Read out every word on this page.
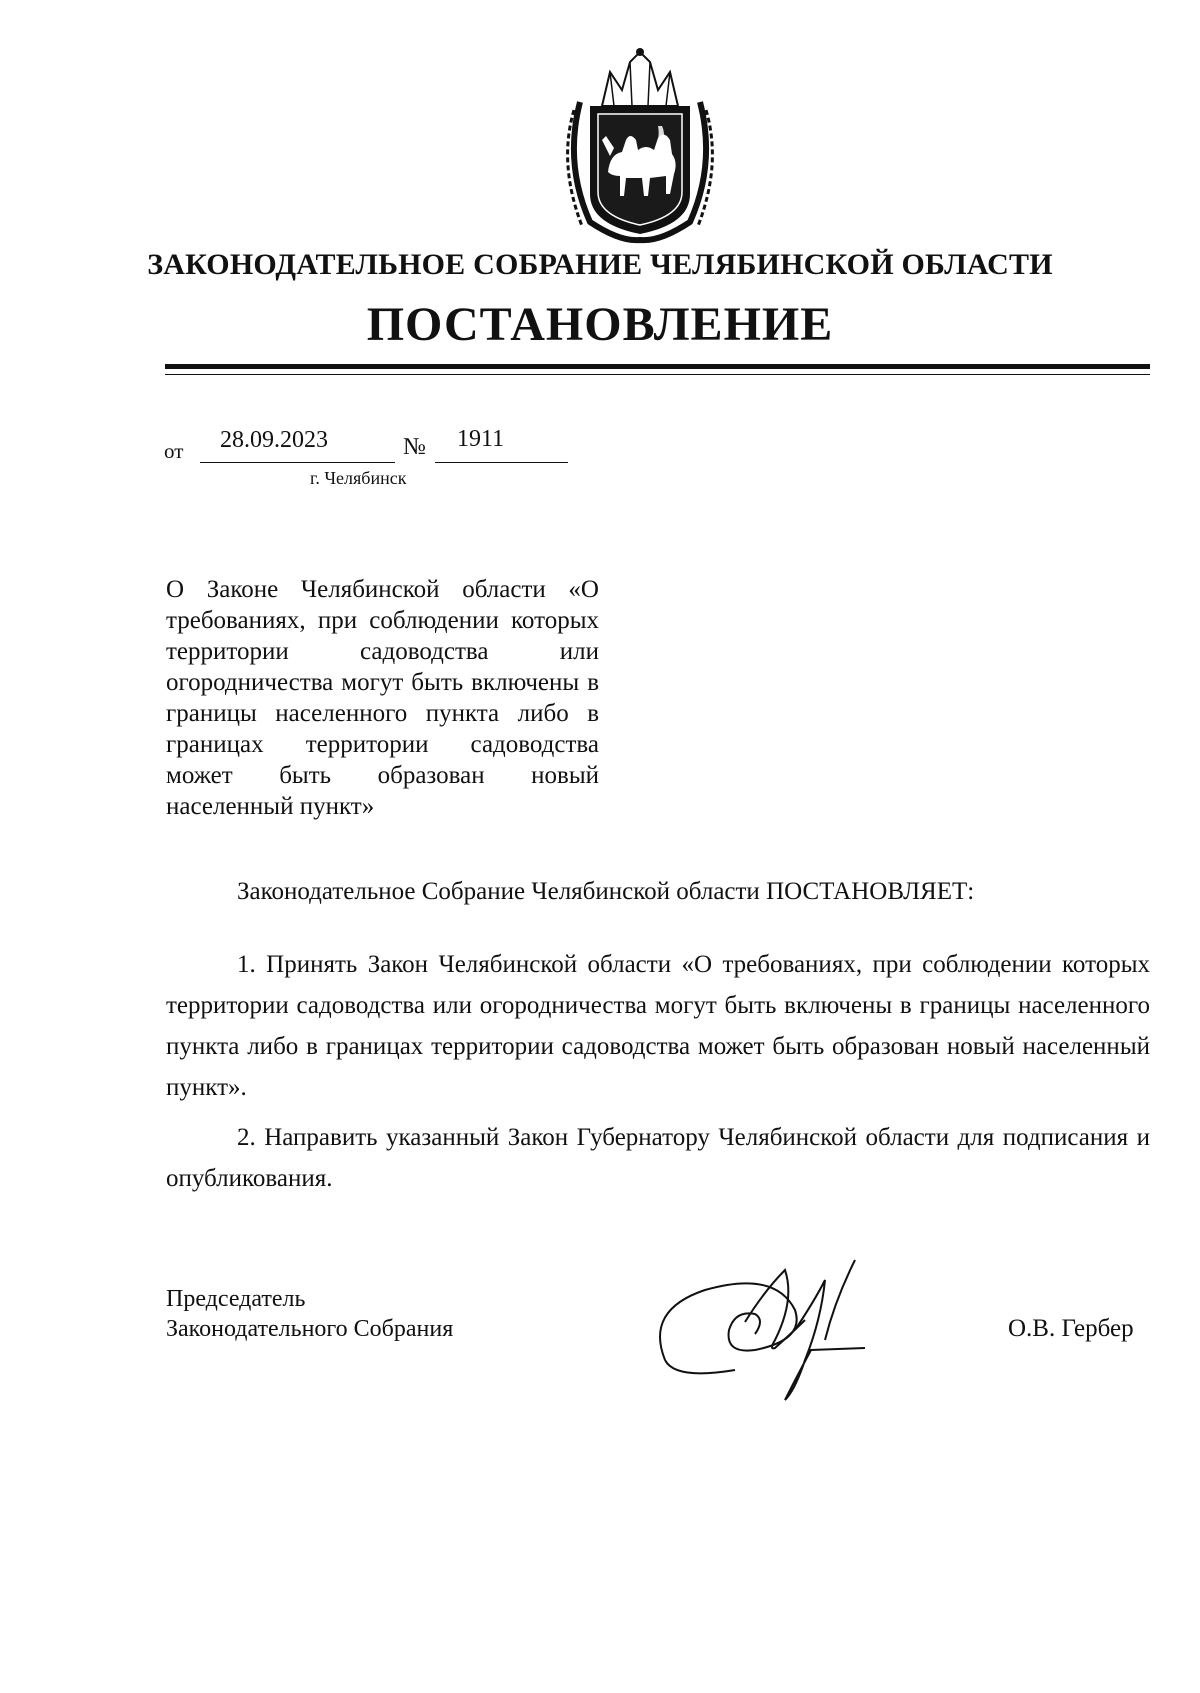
ЗАКОНОДАТЕЛЬНОЕ СОБРАНИЕ ЧЕЛЯБИНСКОЙ ОБЛАСТИ
ПОСТАНОВЛЕНИЕ
от 28.09.2023	№ 1911
г. Челябинск
О Законе Челябинской области «О требованиях, при соблюдении которых территории садоводства или огородничества могут быть включены в границы населенного пункта либо в границах территории садоводства может быть образован новый населенный пункт»
Законодательное Собрание Челябинской области ПОСТАНОВЛЯЕТ:

1. Принять Закон Челябинской области «О требованиях, при соблюдении которых территории садоводства или огородничества могут быть включены в границы населенного пункта либо в границах территории садоводства может быть образован новый населенный пункт».

2. Направить указанный Закон Губернатору Челябинской области для подписания и опубликования.

Председатель
Законодательного Собрания	О.В. Гербер
